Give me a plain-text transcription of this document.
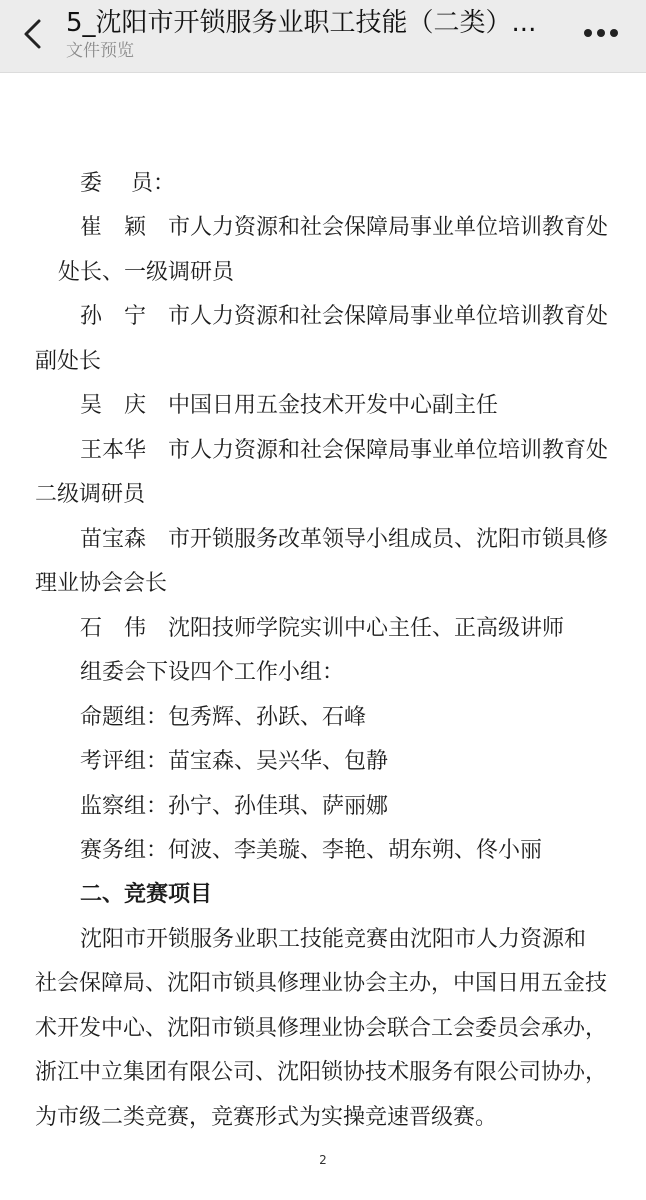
5_沈阳市开锁服务业职工技能（二类）...
文件预览
委　 员：
崔　颖　市人力资源和社会保障局事业单位培训教育处
处长、一级调研员
孙　宁　市人力资源和社会保障局事业单位培训教育处
副处长
吴　庆　中国日用五金技术开发中心副主任
王本华　市人力资源和社会保障局事业单位培训教育处
二级调研员
苗宝森　市开锁服务改革领导小组成员、沈阳市锁具修
理业协会会长
石　伟　沈阳技师学院实训中心主任、正高级讲师
组委会下设四个工作小组：
命题组：包秀辉、孙跃、石峰
考评组：苗宝森、吴兴华、包静
监察组：孙宁、孙佳琪、萨丽娜
赛务组：何波、李美璇、李艳、胡东朔、佟小丽
二、竞赛项目
沈阳市开锁服务业职工技能竞赛由沈阳市人力资源和
社会保障局、沈阳市锁具修理业协会主办，中国日用五金技
术开发中心、沈阳市锁具修理业协会联合工会委员会承办，
浙江中立集团有限公司、沈阳锁协技术服务有限公司协办，
为市级二类竞赛，竞赛形式为实操竞速晋级赛。
2
